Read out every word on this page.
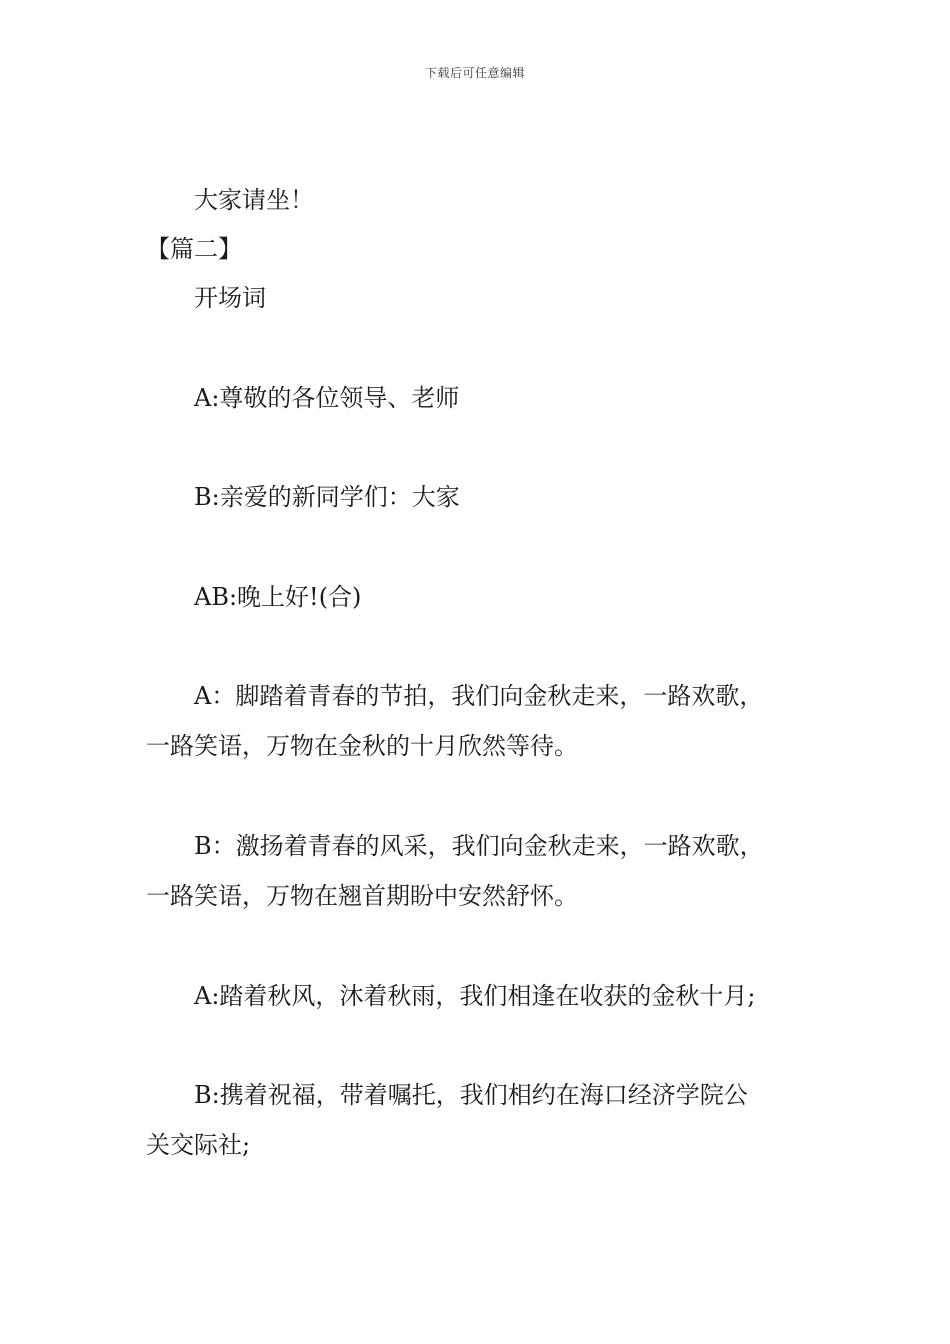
下载后可任意编辑
大家请坐！
【篇二】
开场词
A:尊敬的各位领导、老师
B:亲爱的新同学们：大家
AB:晚上好!(合)
A：脚踏着青春的节拍，我们向金秋走来，一路欢歌，
一路笑语，万物在金秋的十月欣然等待。
B：激扬着青春的风采，我们向金秋走来，一路欢歌，
一路笑语，万物在翘首期盼中安然舒怀。
A:踏着秋风，沐着秋雨，我们相逢在收获的金秋十月;
B:携着祝福，带着嘱托，我们相约在海口经济学院公
关交际社;
